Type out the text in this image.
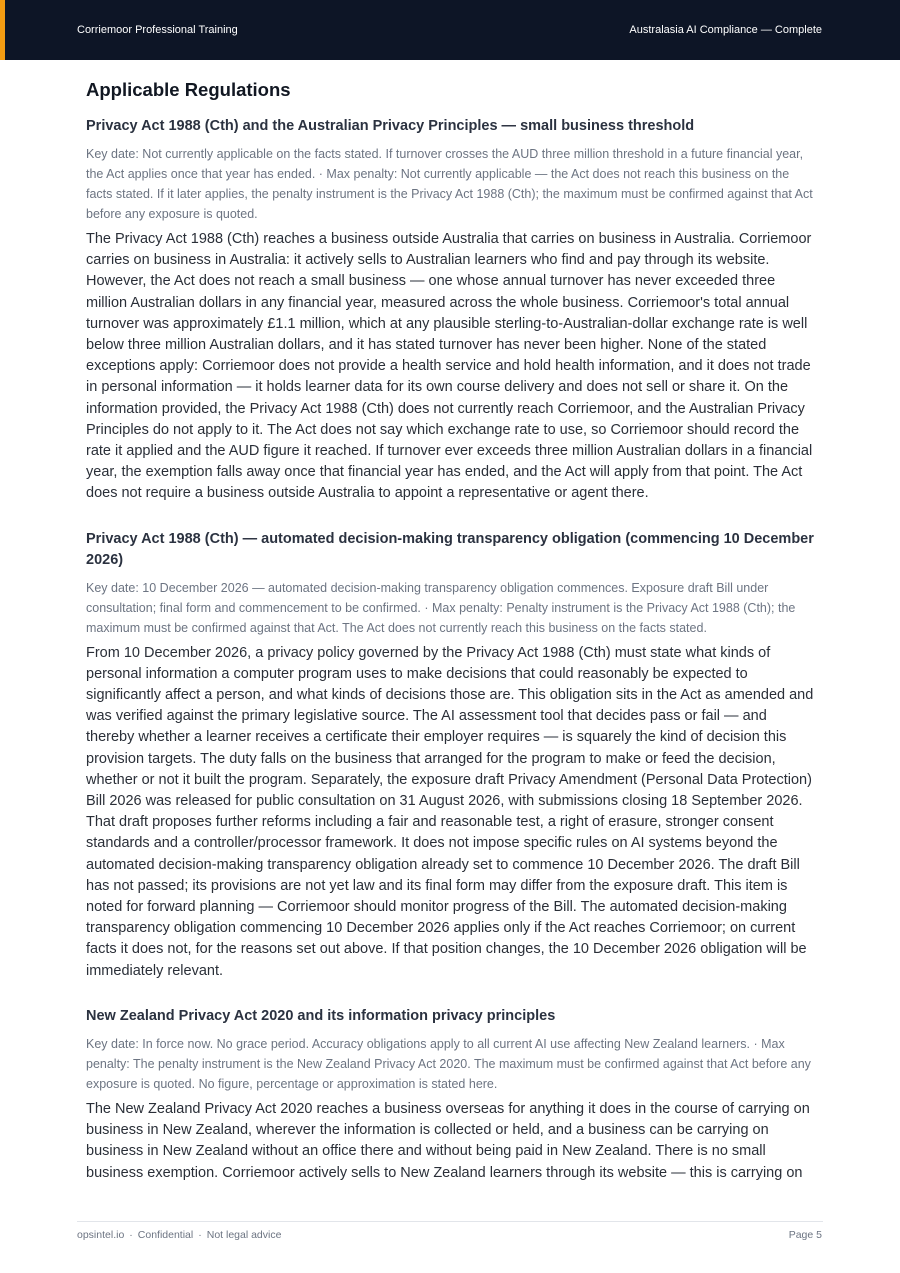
Corriemoor Professional Training	Australasia AI Compliance — Complete
Applicable Regulations
Privacy Act 1988 (Cth) and the Australian Privacy Principles — small business threshold

Key date: Not currently applicable on the facts stated. If turnover crosses the AUD three million threshold in a future financial year, the Act applies once that year has ended. · Max penalty: Not currently applicable — the Act does not reach this business on the facts stated. If it later applies, the penalty instrument is the Privacy Act 1988 (Cth); the maximum must be confirmed against that Act before any exposure is quoted.

The Privacy Act 1988 (Cth) reaches a business outside Australia that carries on business in Australia. Corriemoor carries on business in Australia: it actively sells to Australian learners who find and pay through its website. However, the Act does not reach a small business — one whose annual turnover has never exceeded three million Australian dollars in any financial year, measured across the whole business. Corriemoor's total annual turnover was approximately £1.1 million, which at any plausible sterling-to-Australian-dollar exchange rate is well below three million Australian dollars, and it has stated turnover has never been higher. None of the stated exceptions apply: Corriemoor does not provide a health service and hold health information, and it does not trade in personal information — it holds learner data for its own course delivery and does not sell or share it. On the information provided, the Privacy Act 1988 (Cth) does not currently reach Corriemoor, and the Australian Privacy Principles do not apply to it. The Act does not say which exchange rate to use, so Corriemoor should record the rate it applied and the AUD figure it reached. If turnover ever exceeds three million Australian dollars in a financial year, the exemption falls away once that financial year has ended, and the Act will apply from that point. The Act does not require a business outside Australia to appoint a representative or agent there.

Privacy Act 1988 (Cth) — automated decision-making transparency obligation (commencing 10 December 2026)

Key date: 10 December 2026 — automated decision-making transparency obligation commences. Exposure draft Bill under consultation; final form and commencement to be confirmed. · Max penalty: Penalty instrument is the Privacy Act 1988 (Cth); the maximum must be confirmed against that Act. The Act does not currently reach this business on the facts stated.

From 10 December 2026, a privacy policy governed by the Privacy Act 1988 (Cth) must state what kinds of personal information a computer program uses to make decisions that could reasonably be expected to significantly affect a person, and what kinds of decisions those are. This obligation sits in the Act as amended and was verified against the primary legislative source. The AI assessment tool that decides pass or fail — and thereby whether a learner receives a certificate their employer requires — is squarely the kind of decision this provision targets. The duty falls on the business that arranged for the program to make or feed the decision, whether or not it built the program. Separately, the exposure draft Privacy Amendment (Personal Data Protection) Bill 2026 was released for public consultation on 31 August 2026, with submissions closing 18 September 2026. That draft proposes further reforms including a fair and reasonable test, a right of erasure, stronger consent standards and a controller/processor framework. It does not impose specific rules on AI systems beyond the automated decision-making transparency obligation already set to commence 10 December 2026. The draft Bill has not passed; its provisions are not yet law and its final form may differ from the exposure draft. This item is noted for forward planning — Corriemoor should monitor progress of the Bill. The automated decision-making transparency obligation commencing 10 December 2026 applies only if the Act reaches Corriemoor; on current facts it does not, for the reasons set out above. If that position changes, the 10 December 2026 obligation will be immediately relevant.

New Zealand Privacy Act 2020 and its information privacy principles

Key date: In force now. No grace period. Accuracy obligations apply to all current AI use affecting New Zealand learners. · Max penalty: The penalty instrument is the New Zealand Privacy Act 2020. The maximum must be confirmed against that Act before any exposure is quoted. No figure, percentage or approximation is stated here.

The New Zealand Privacy Act 2020 reaches a business overseas for anything it does in the course of carrying on business in New Zealand, wherever the information is collected or held, and a business can be carrying on business in New Zealand without an office there and without being paid in New Zealand. There is no small business exemption. Corriemoor actively sells to New Zealand learners through its website — this is carrying on

opsintel.io · Confidential · Not legal advice	Page 5
